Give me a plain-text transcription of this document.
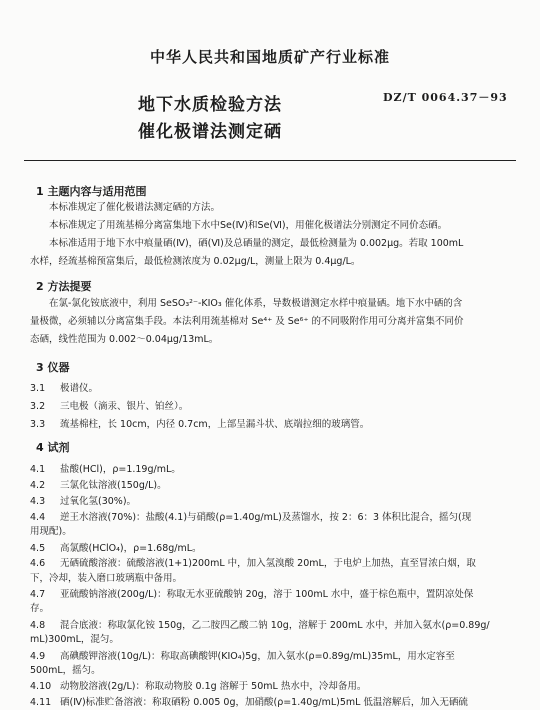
中华人民共和国地质矿产行业标准
地下水质检验方法
催化极谱法测定硒
DZ/T 0064.37－93
1 主题内容与适用范围
　　本标准规定了催化极谱法测定硒的方法。
　　本标准规定了用巯基棉分离富集地下水中Se(Ⅳ)和Se(Ⅵ)，用催化极谱法分别测定不同价态硒。
　　本标准适用于地下水中痕量硒(Ⅳ)，硒(Ⅵ)及总硒量的测定，最低检测量为 0.002μg。若取 100mL
水样，经巯基棉预富集后，最低检测浓度为 0.02μg/L，测量上限为 0.4μg/L。
2 方法提要
　　在氯-氯化铵底液中，利用 SeSO₃²⁻-KIO₃ 催化体系，导数极谱测定水样中痕量硒。地下水中硒的含
量极微，必须辅以分离富集手段。本法利用巯基棉对 Se⁴⁺ 及 Se⁶⁺ 的不同吸附作用可分离并富集不同价
态硒，线性范围为 0.002～0.04μg/13mL。
3 仪器
3.1 极谱仪。
3.2 三电极（滴汞、银片、铂丝）。
3.3 巯基棉柱，长 10cm，内径 0.7cm，上部呈漏斗状、底端拉细的玻璃管。
4 试剂
4.1 盐酸(HCl)，ρ=1.19g/mL。
4.2 三氯化钛溶液(150g/L)。
4.3 过氧化氢(30%)。
4.4 逆王水溶液(70%)：盐酸(4.1)与硝酸(ρ=1.40g/mL)及蒸馏水，按 2：6：3 体积比混合，摇匀(现
用现配)。
4.5 高氯酸(HClO₄)，ρ=1.68g/mL。
4.6 无硒硫酸溶液：硫酸溶液(1+1)200mL 中，加入氢溴酸 20mL，于电炉上加热，直至冒浓白烟，取
下，冷却，装入磨口玻璃瓶中备用。
4.7 亚硫酸钠溶液(200g/L)：称取无水亚硫酸钠 20g，溶于 100mL 水中，盛于棕色瓶中，置阴凉处保
存。
4.8 混合底液：称取氯化铵 150g，乙二胺四乙酸二钠 10g，溶解于 200mL 水中，并加入氨水(ρ=0.89g/
mL)300mL，混匀。
4.9 高碘酸钾溶液(10g/L)：称取高碘酸钾(KIO₄)5g，加入氨水(ρ=0.89g/mL)35mL，用水定容至
500mL，摇匀。
4.10 动物胶溶液(2g/L)：称取动物胶 0.1g 溶解于 50mL 热水中，冷却备用。
4.11 硒(Ⅳ)标准贮备溶液：称取硒粉 0.005 0g，加硝酸(ρ=1.40g/mL)5mL 低温溶解后，加入无硒硫
